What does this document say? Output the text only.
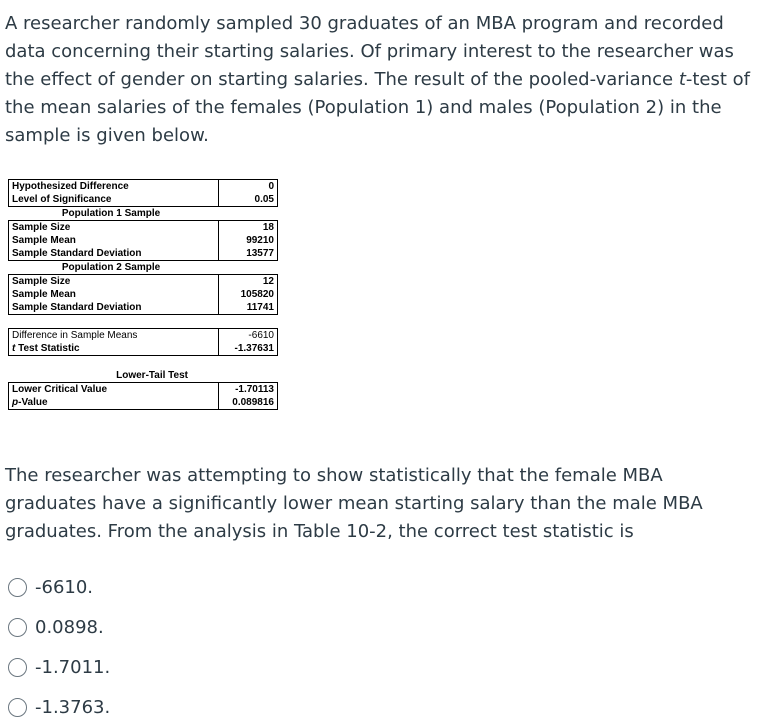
A researcher randomly sampled 30 graduates of an MBA program and recorded data concerning their starting salaries. Of primary interest to the researcher was the effect of gender on starting salaries. The result of the pooled-variance t-test of the mean salaries of the females (Population 1) and males (Population 2) in the sample is given below.

Hypothesized Difference	0
Level of Significance	0.05
Population 1 Sample
Sample Size	18
Sample Mean	99210
Sample Standard Deviation	13577
Population 2 Sample
Sample Size	12
Sample Mean	105820
Sample Standard Deviation	11741
Difference in Sample Means	-6610
t Test Statistic	-1.37631
Lower-Tail Test
Lower Critical Value	-1.70113
p-Value	0.089816

The researcher was attempting to show statistically that the female MBA graduates have a significantly lower mean starting salary than the male MBA graduates. From the analysis in Table 10-2, the correct test statistic is

-6610.
0.0898.
-1.7011.
-1.3763.
